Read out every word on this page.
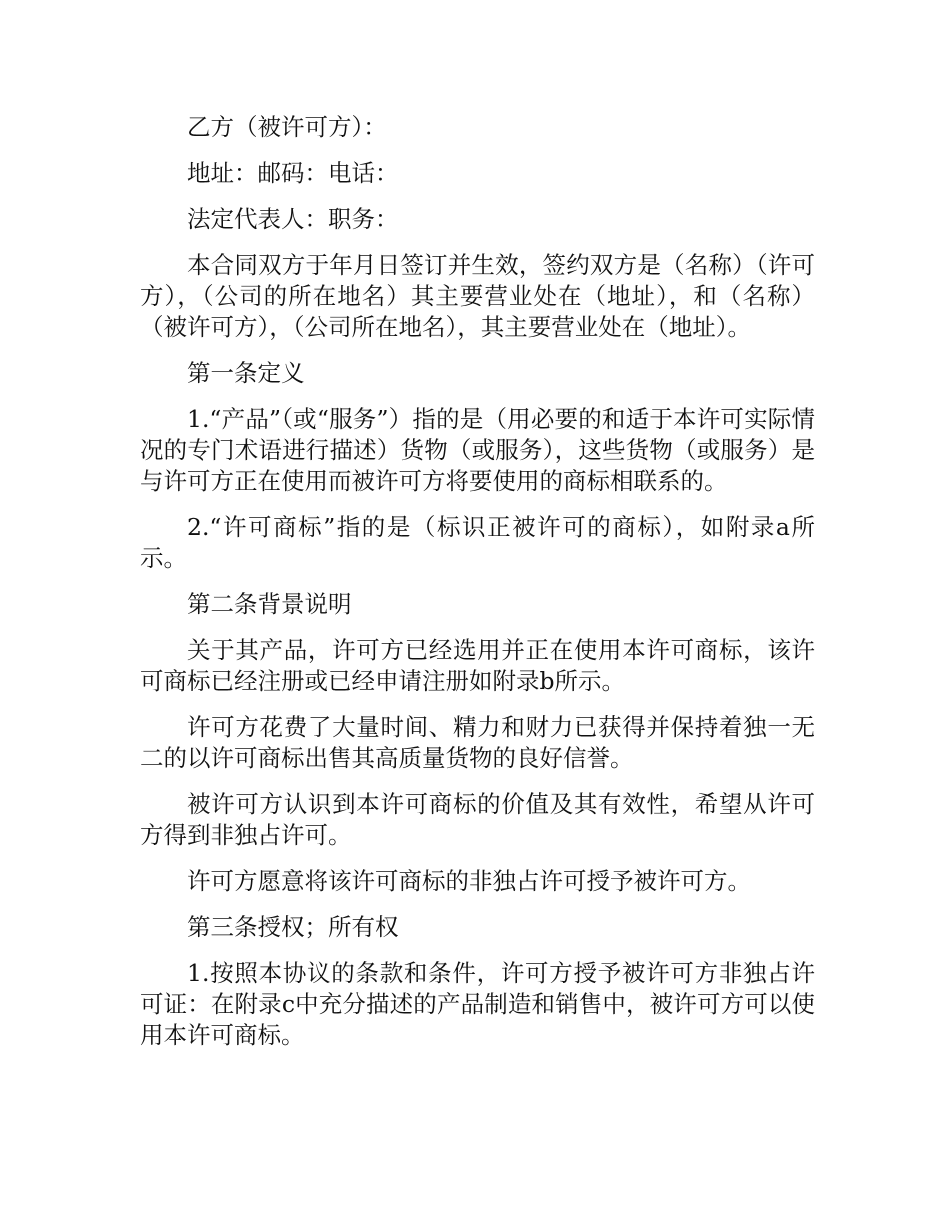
乙方（被许可方）：

地址：邮码：电话：

法定代表人：职务：

本合同双方于年月日签订并生效，签约双方是（名称）（许可方），（公司的所在地名）其主要营业处在（地址），和（名称）（被许可方），（公司所在地名），其主要营业处在（地址）。

第一条定义

1.“产品”（或“服务”）指的是（用必要的和适于本许可实际情况的专门术语进行描述）货物（或服务），这些货物（或服务）是与许可方正在使用而被许可方将要使用的商标相联系的。

2.“许可商标”指的是（标识正被许可的商标），如附录a所示。

第二条背景说明

关于其产品，许可方已经选用并正在使用本许可商标，该许可商标已经注册或已经申请注册如附录b所示。

许可方花费了大量时间、精力和财力已获得并保持着独一无二的以许可商标出售其高质量货物的良好信誉。

被许可方认识到本许可商标的价值及其有效性，希望从许可方得到非独占许可。

许可方愿意将该许可商标的非独占许可授予被许可方。

第三条授权；所有权

1.按照本协议的条款和条件，许可方授予被许可方非独占许可证：在附录c中充分描述的产品制造和销售中，被许可方可以使用本许可商标。
